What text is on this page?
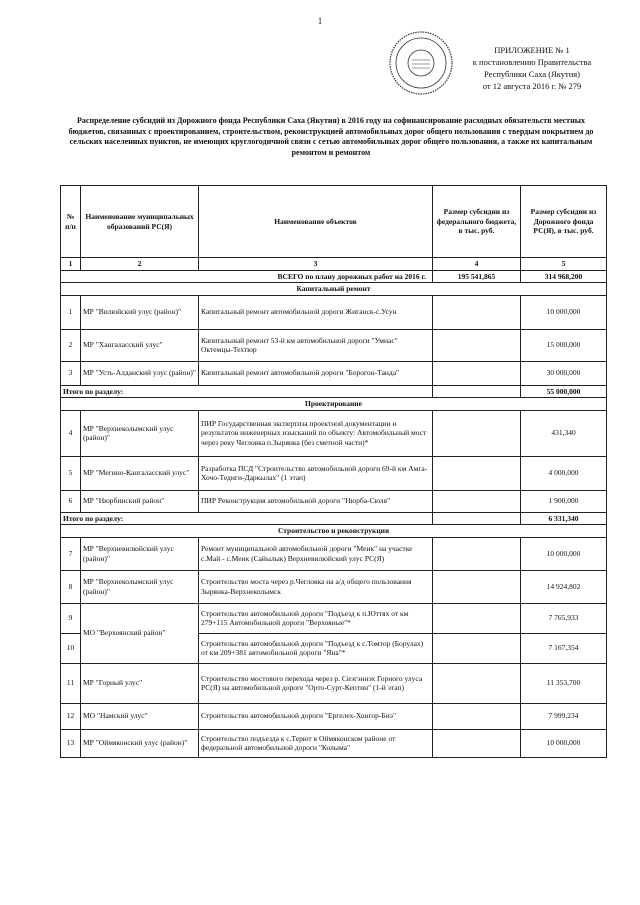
1
ПРИЛОЖЕНИЕ № 1
к постановлению Правительства
Республики Саха (Якутия)
от 12 августа 2016 г. № 279
Распределение субсидий из Дорожного фонда Республики Саха (Якутия) в 2016 году на софинансирование расходных обязательств местных бюджетов, связанных с проектированием, строительством, реконструкцией автомобильных дорог общего пользования с твердым покрытием до сельских населенных пунктов, не имеющих круглогодичной связи с сетью автомобильных дорог общего пользования, а также их капитальным ремонтом и ремонтом
№ п/п	Наименование муниципальных образований РС(Я)	Наименование объектов	Размер субсидии из федерального бюджета, в тыс. руб.	Размер субсидии из Дорожного фонда РС(Я), в тыс. руб.
1	2	3	4	5
ВСЕГО по плану дорожных работ на 2016 г.			195 541,865	314 968,200
Капитальный ремонт				
1	МР "Вилюйский улус (район)"	Капитальный ремонт автомобильной дороги Жиганск-с.Усун		10 000,000
2	МР "Хангаласский улус"	Капитальный ремонт 53-й км автомобильной дороги "Умнас" Октемцы-Техтюр		15 000,000
3	МР "Усть-Алданский улус (район)"	Капитальный ремонт автомобильной дороги "Борогон-Танда"		30 000,000
Итого по разделу:				55 000,000
Проектирование				
4	МР "Верхнеколымский улус (район)"	ПИР Государственная экспертиза проектной документации и результатов инженерных изысканий по объекту: Автомобильный мост через реку Чегловка п.Зырянка (без сметной части)*		431,340
5	МР "Мегино-Кангаласский улус"	Разработка ПСД "Строительство автомобильной дороги 69-й км Амга-Хочо-Тедиги-Даркылах" (1 этап)		4 000,000
6	МР "Нюрбинский район"	ПИР Реконструкция автомобильной дороги "Нюрба-Сюля"		1 900,000
Итого по разделу:				6 331,340
Строительство и реконструкция				
7	МР "Верхневилюйский улус (район)"	Ремонт муниципальной автомобильной дороги "Меик" на участке с.Май - с.Меик (Сайылык) Верхневилюйский улус РС(Я)		10 000,000
8	МР "Верхнеколымский улус (район)"	Строительство моста через р.Чегловка на а/д общего пользования Зырянка-Верхнеколымск		14 924,802
9	МО "Верхоянский район"	Строительство автомобильной дороги "Подъезд к п.Юттях от км 279+115 Автомобильной дороги "Верхояные"*		7 765,933
10		Строительство автомобильной дороги "Подъезд к с.Томтор (Борулах) от км 209+381 автомобильной дороги "Яна"*		7 167,354
11	МР "Горный улус"	Строительство мостового перехода через р. Сиэгэннэх Горного улуса РС(Я) на автомобильной дороге "Орто-Сурт-Кептин" (1-й этап)		11 353,700
12	МО "Намский улус"	Строительство автомобильной дороги "Ергелех-Хонгор-Биэ"		7 999,234
13	МР "Оймяконский улус (район)"	Строительство подъезда к с.Терют в Оймяконском районе от федеральной автомобильной дороги "Колыма"		10 000,000
